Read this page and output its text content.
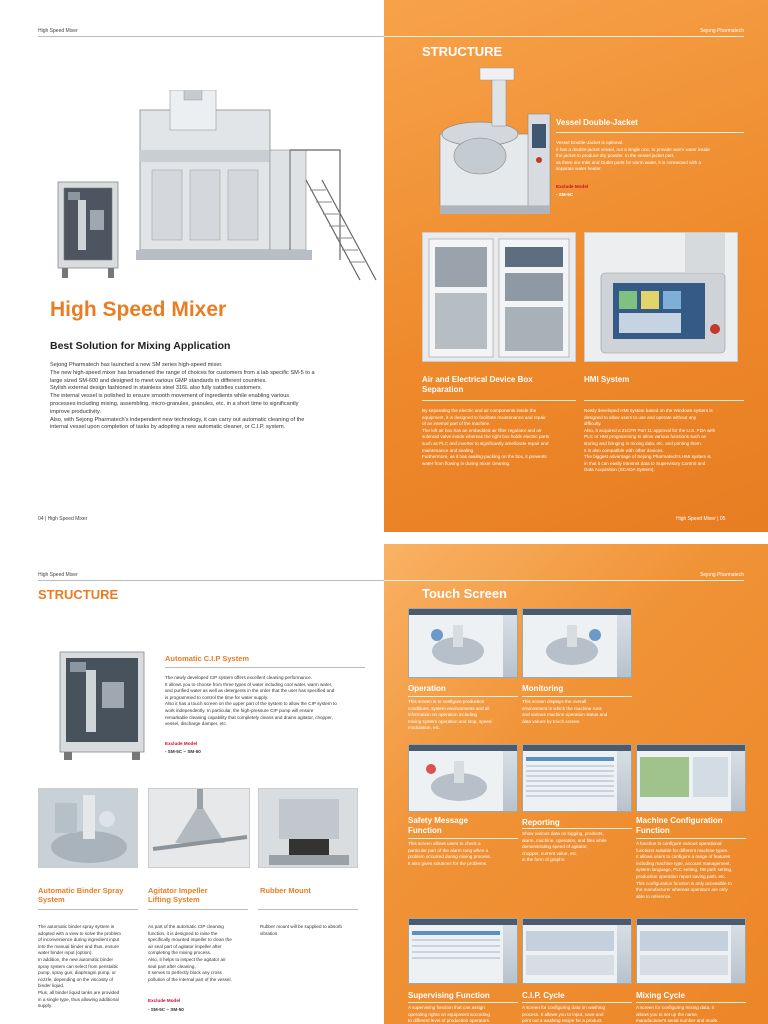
High Speed Mixer
High Speed Mixer
Best Solution for Mixing Application
Sejong Pharmatech has launched a new SM series high-speed mixer.
The new high-speed mixer has broadened the range of choices for customers from a lab specific SM-5 to a
large sized SM-600 and designed to meet various GMP standards in different countries.
Stylish external design fashioned in stainless steel 316L also fully satisfies customers.
The internal vessel is polished to ensure smooth movement of ingredients while enabling various
processes including mixing, assembling, micro-granules, granules, etc. in a short time to significantly
improve productivity.
Also, with Sejong Pharmatech's independent new technology, it can carry out automatic cleaning of the
internal vessel upon completion of tasks by adopting a new automatic cleaner, or C.I.P. system.
04 | High Speed Mixer
Sejong Pharmatech
STRUCTURE
Vessel Double-Jacket
Vessel Double-Jacket is optional.
It has a double-jacket vessel, not a single one, to provide warm water inside
the jacket to produce dry powder. In the vessel jacket part,
as there are Inlet and Outlet ports for warm water, it is connected with a
separate water heater.
Exclude Model
- SM-5C
Air and Electrical Device Box
Separation
By separating the electric and air components inside the
equipment, it is designed to facilitate maintenance and repair
of an internal part of the machine.
The left air box has an embedded air filter regulator and air
solenoid valve inside whereas the right box holds electric parts
such as PLC and inverter to significantly ameliorate repair and
maintenance and sealing.
Furthermore, as it has sealing-packing on the box, it prevents
water from flowing in during mixer cleaning.
HMI System
Newly developed HMI system based on the Windows system is
designed to allow users to use and operate without any
difficulty.
Also, it acquired a 21CFR Part 11 approval for the U.S. FDA with
PLC or HMI programming to allow various functions such as
storing and bringing in mixing data, etc. and printing them.
It is also compatible with other devices.
The biggest advantage of Sejong Pharmatech's HMI system is
in that it can easily transmit data to Supervisory Control and
Data Acquisition (SCADA System).
High Speed Mixer | 05
High Speed Mixer
STRUCTURE
Automatic C.I.P System
The newly developed CIP system offers excellent cleaning performance.
It allows you to choose from three types of water including cool water, warm water,
and purified water as well as detergents in the order that the user has specified and
is programmed to control the time for water supply.
Also it has a touch screen on the upper part of the system to allow the CIP system to
work independently. In particular, the high-pressure CIP pump will ensure
remarkable cleaning capability that completely cleans and drains agitator, chopper,
vessel, discharge damper, etc.
Exclude Model
- SM-5C ~ SM-50
Automatic Binder Spray
System
Agitator Impeller
Lifting System
Rubber Mount
The automatic binder spray system is
adopted with a view to solve the problem
of inconvenience during ingredient input
into the manual binder and thus, ensure
water binder input (option).
In addition, the new automatic binder
spray system can select from peristaltic
pump, spray gun, diaphragm pump, or
nozzle, depending on the viscosity of
binder liquid.
Plus, all binder liquid tanks are provided
in a single type, thus allowing additional
supply.
As part of the automatic CIP cleaning
function, it is designed to raise the
specifically mounted impeller to clean the
air seal part of agitator impeller after
completing the mixing process.
Also, it helps to inspect the agitator air
seal part after cleaning,
it serves to perfectly block any cross
pollution of the internal part of the vessel.
Exclude Model
- SM-5C ~ SM-50
Rubber mount will be supplied to absorb
vibration
Sejong Pharmatech
Touch Screen
Operation	Monitoring
This screen is to configure production
conditions, system environments and all
information on operation including
mixing system operation and stop, speed
modulation, etc.
This screen displays the overall
environment in which the machine runs
and various machine operation status and
data values by touch screen.
Safety Message
Function
Reporting	Machine Configuration
Function
This screen allows users to check a
particular part of the alarm rang when a
problem occurred during mixing process.
It also gives solutions for the problems.
Show various data on logging, products,
alarm, machine, operation, and files while
demonstrating speed of agitator,
chopper, current value, etc.
in the form of graphs.
A function to configure various operational
functions suitable for different machine types.
It allows users to configure a range of features
including machine type, account management,
system language, PLC setting, DB path setting,
production operation report saving path, etc.
This configuration function is only accessible to
the manufacturer whereas operators are only
able to reference.
Supervising Function	C.I.P. Cycle	Mixing Cycle
A supervising function that can assign
operating rights on equipment according
to different level of production operators.
A screen for configuring data on washing
process. It allows you to input, save and
print out a washing recipe for a product.
A screen for configuring mixing data, it
allows you to set up the name,
manufacturer's serial number and mode.
